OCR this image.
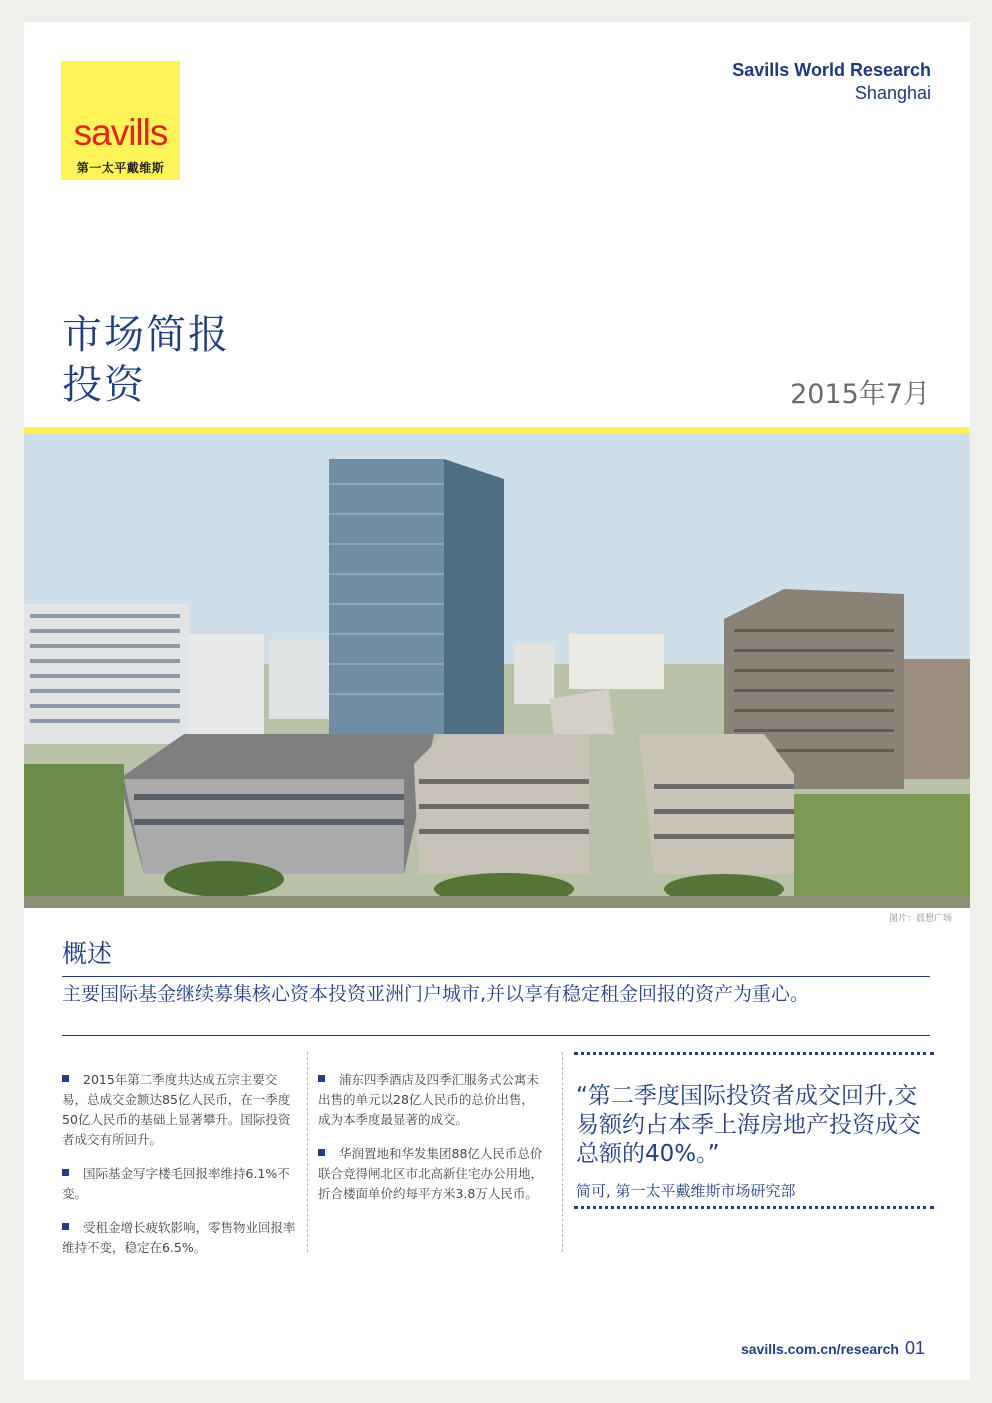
savills
第一太平戴维斯
Savills World Research
Shanghai
市场简报
投资	2015年7月
图片：晨想广场
概述
主要国际基金继续募集核心资本投资亚洲门户城市,并以享有稳定租金回报的资产为重心。
2015年第二季度共达成五宗主要交易，总成交金额达85亿人民币，在一季度50亿人民币的基础上显著攀升。国际投资者成交有所回升。
国际基金写字楼毛回报率维持6.1%不变。
受租金增长疲软影响，零售物业回报率维持不变，稳定在6.5%。
浦东四季酒店及四季汇服务式公寓未出售的单元以28亿人民币的总价出售，成为本季度最显著的成交。
华润置地和华发集团88亿人民币总价联合竞得闸北区市北高新住宅办公用地，折合楼面单价约每平方米3.8万人民币。
“第二季度国际投资者成交回升,交易额约占本季上海房地产投资成交总额的40%。”
简可, 第一太平戴维斯市场研究部
savills.com.cn/research 01
